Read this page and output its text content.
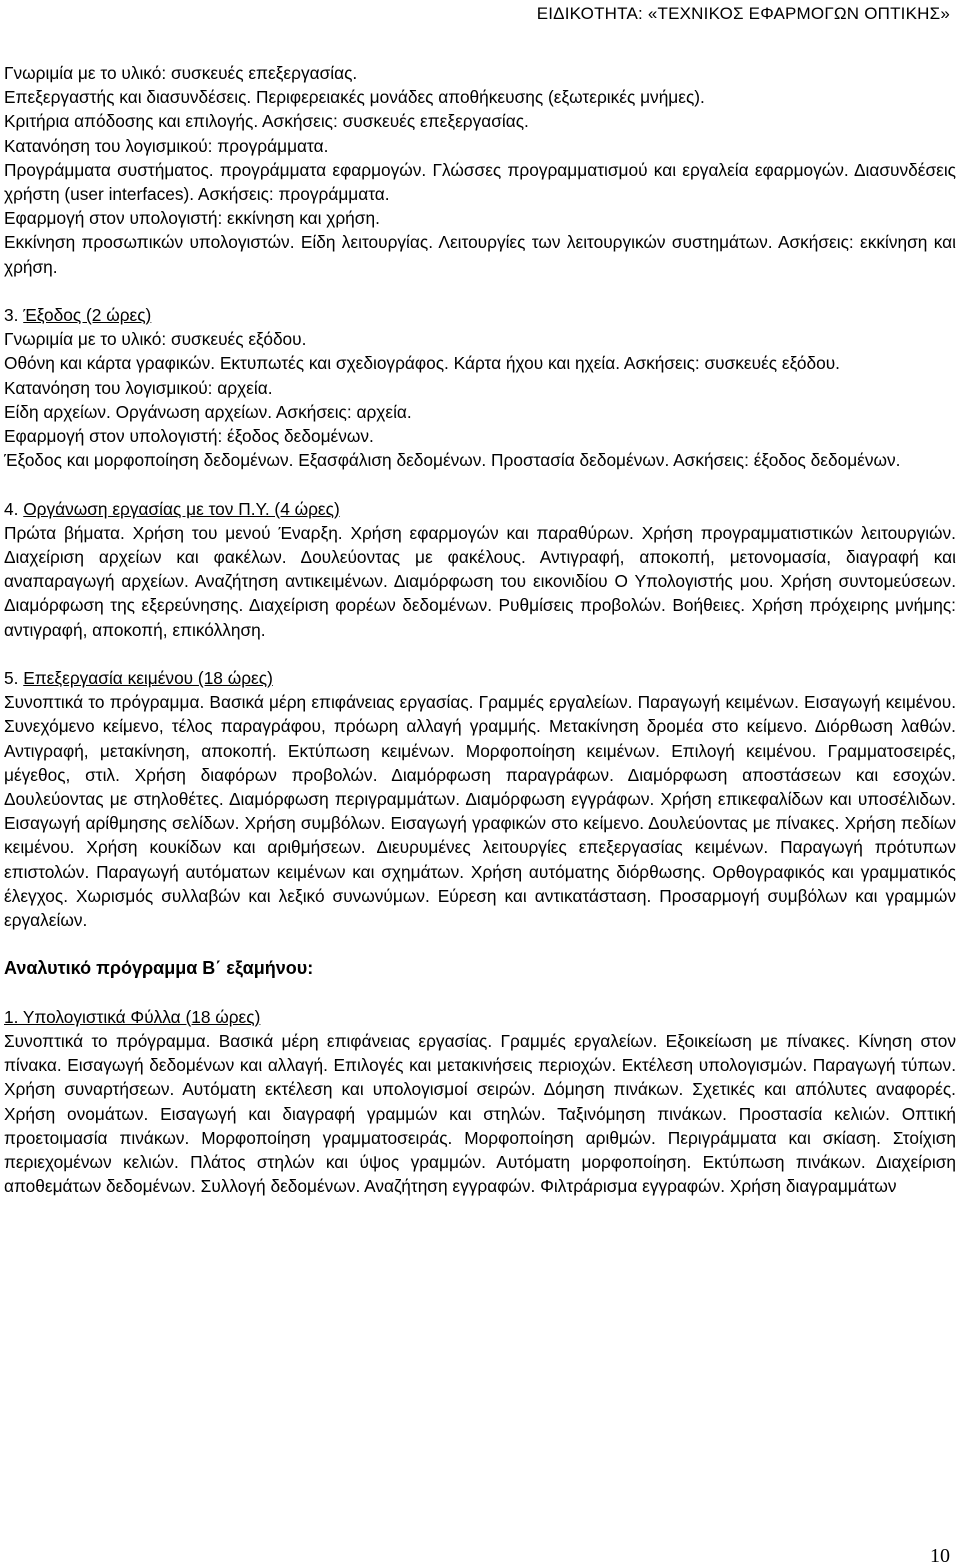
ΕΙΔΙΚΟΤΗΤΑ: «ΤΕΧΝΙΚΟΣ ΕΦΑΡΜΟΓΩΝ ΟΠΤΙΚΗΣ»

Γνωριμία με το υλικό: συσκευές επεξεργασίας.

Επεξεργαστής και διασυνδέσεις. Περιφερειακές μονάδες αποθήκευσης (εξωτερικές μνήμες).

Κριτήρια απόδοσης και επιλογής. Ασκήσεις: συσκευές επεξεργασίας.

Κατανόηση του λογισμικού: προγράμματα.

Προγράμματα συστήματος. προγράμματα εφαρμογών. Γλώσσες προγραμματισμού και εργαλεία εφαρμογών. Διασυνδέσεις χρήστη (user interfaces). Ασκήσεις: προγράμματα.

Εφαρμογή στον υπολογιστή: εκκίνηση και χρήση.

Εκκίνηση προσωπικών υπολογιστών. Είδη λειτουργίας. Λειτουργίες των λειτουργικών συστημάτων. Ασκήσεις: εκκίνηση και χρήση.

3. Έξοδος (2 ώρες)

Γνωριμία με το υλικό: συσκευές εξόδου.

Οθόνη και κάρτα γραφικών. Εκτυπωτές και σχεδιογράφος. Κάρτα ήχου και ηχεία. Ασκήσεις: συσκευές εξόδου.

Κατανόηση του λογισμικού: αρχεία.

Είδη αρχείων. Οργάνωση αρχείων. Ασκήσεις: αρχεία.

Εφαρμογή στον υπολογιστή: έξοδος δεδομένων.

Έξοδος και μορφοποίηση δεδομένων. Εξασφάλιση δεδομένων. Προστασία δεδομένων. Ασκήσεις: έξοδος δεδομένων.

4. Οργάνωση εργασίας με τον Π.Υ. (4 ώρες)

Πρώτα βήματα. Χρήση του μενού Έναρξη. Χρήση εφαρμογών και παραθύρων. Χρήση προγραμματιστικών λειτουργιών. Διαχείριση αρχείων και φακέλων. Δουλεύοντας με φακέλους. Αντιγραφή, αποκοπή, μετονομασία, διαγραφή και αναπαραγωγή αρχείων. Αναζήτηση αντικειμένων. Διαμόρφωση του εικονιδίου Ο Υπολογιστής μου. Χρήση συντομεύσεων. Διαμόρφωση της εξερεύνησης. Διαχείριση φορέων δεδομένων. Ρυθμίσεις προβολών. Βοήθειες. Χρήση πρόχειρης μνήμης: αντιγραφή, αποκοπή, επικόλληση.

5. Επεξεργασία κειμένου (18 ώρες)

Συνοπτικά το πρόγραμμα. Βασικά μέρη επιφάνειας εργασίας. Γραμμές εργαλείων. Παραγωγή κειμένων. Εισαγωγή κειμένου. Συνεχόμενο κείμενο, τέλος παραγράφου, πρόωρη αλλαγή γραμμής. Μετακίνηση δρομέα στο κείμενο. Διόρθωση λαθών. Αντιγραφή, μετακίνηση, αποκοπή. Εκτύπωση κειμένων. Μορφοποίηση κειμένων. Επιλογή κειμένου. Γραμματοσειρές, μέγεθος, στιλ. Χρήση διαφόρων προβολών. Διαμόρφωση παραγράφων. Διαμόρφωση αποστάσεων και εσοχών. Δουλεύοντας με στηλοθέτες. Διαμόρφωση περιγραμμάτων. Διαμόρφωση εγγράφων. Χρήση επικεφαλίδων και υποσέλιδων. Εισαγωγή αρίθμησης σελίδων. Χρήση συμβόλων. Εισαγωγή γραφικών στο κείμενο. Δουλεύοντας με πίνακες. Χρήση πεδίων κειμένου. Χρήση κουκίδων και αριθμήσεων. Διευρυμένες λειτουργίες επεξεργασίας κειμένων. Παραγωγή πρότυπων επιστολών. Παραγωγή αυτόματων κειμένων και σχημάτων. Χρήση αυτόματης διόρθωσης. Ορθογραφικός και γραμματικός έλεγχος. Χωρισμός συλλαβών και λεξικό συνωνύμων. Εύρεση και αντικατάσταση. Προσαρμογή συμβόλων και γραμμών εργαλείων.

Αναλυτικό πρόγραμμα Β΄ εξαμήνου:

1. Υπολογιστικά Φύλλα (18 ώρες)

Συνοπτικά το πρόγραμμα. Βασικά μέρη επιφάνειας εργασίας. Γραμμές εργαλείων. Εξοικείωση με πίνακες. Κίνηση στον πίνακα. Εισαγωγή δεδομένων και αλλαγή. Επιλογές και μετακινήσεις περιοχών. Εκτέλεση υπολογισμών. Παραγωγή τύπων. Χρήση συναρτήσεων. Αυτόματη εκτέλεση και υπολογισμοί σειρών. Δόμηση πινάκων. Σχετικές και απόλυτες αναφορές. Χρήση ονομάτων. Εισαγωγή και διαγραφή γραμμών και στηλών. Ταξινόμηση πινάκων. Προστασία κελιών. Οπτική προετοιμασία πινάκων. Μορφοποίηση γραμματοσειράς. Μορφοποίηση αριθμών. Περιγράμματα και σκίαση. Στοίχιση περιεχομένων κελιών. Πλάτος στηλών και ύψος γραμμών. Αυτόματη μορφοποίηση. Εκτύπωση πινάκων. Διαχείριση αποθεμάτων δεδομένων. Συλλογή δεδομένων. Αναζήτηση εγγραφών. Φιλτράρισμα εγγραφών. Χρήση διαγραμμάτων

10
